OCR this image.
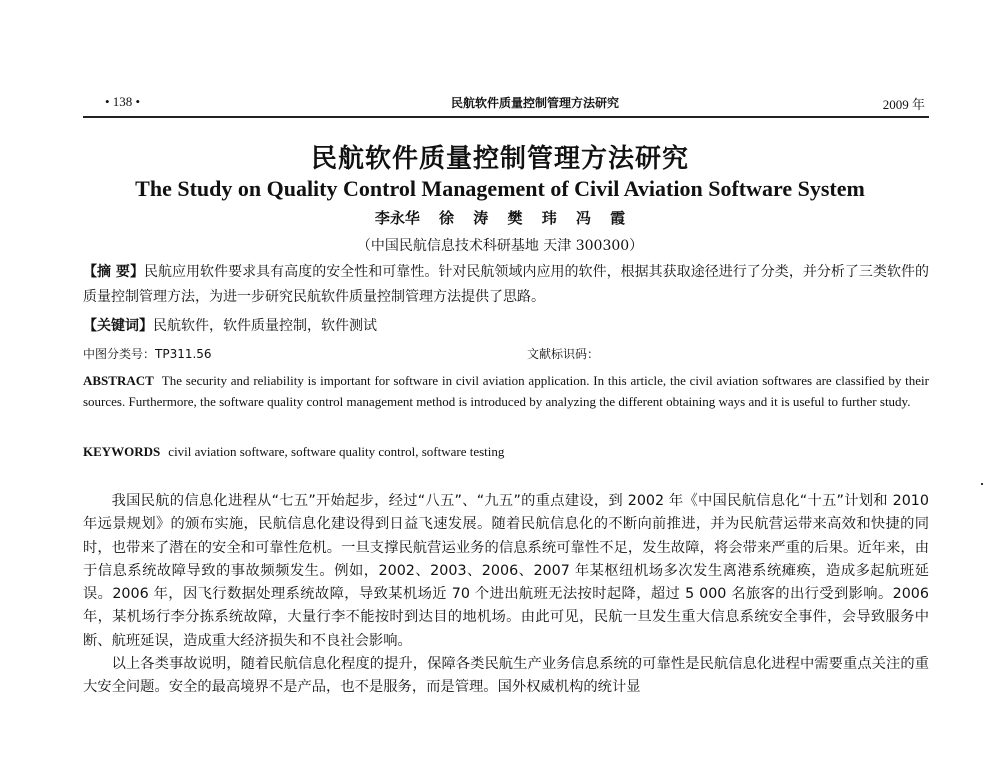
• 138 •	民航软件质量控制管理方法研究	2009 年
民航软件质量控制管理方法研究
The Study on Quality Control Management of Civil Aviation Software System
李永华 徐 涛 樊 玮 冯 霞
（中国民航信息技术科研基地 天津 300300）
【摘 要】民航应用软件要求具有高度的安全性和可靠性。针对民航领域内应用的软件，根据其获取途径进行了分类，并分析了三类软件的质量控制管理方法，为进一步研究民航软件质量控制管理方法提供了思路。
【关键词】民航软件，软件质量控制，软件测试
中图分类号：TP311.56	文献标识码：
ABSTRACT The security and reliability is important for software in civil aviation application. In this article, the civil aviation softwares are classified by their sources. Furthermore, the software quality control management method is introduced by analyzing the different obtaining ways and it is useful to further study.
KEYWORDS civil aviation software, software quality control, software testing

我国民航的信息化进程从“七五”开始起步，经过“八五”、“九五”的重点建设，到 2002 年《中国民航信息化“十五”计划和 2010 年远景规划》的颁布实施，民航信息化建设得到日益飞速发展。随着民航信息化的不断向前推进，并为民航营运带来高效和快捷的同时，也带来了潜在的安全和可靠性危机。一旦支撑民航营运业务的信息系统可靠性不足，发生故障，将会带来严重的后果。近年来，由于信息系统故障导致的事故频频发生。例如，2002、2003、2006、2007 年某枢纽机场多次发生离港系统瘫痪，造成多起航班延误。2006 年，因飞行数据处理系统故障，导致某机场近 70 个进出航班无法按时起降，超过 5 000 名旅客的出行受到影响。2006 年，某机场行李分拣系统故障，大量行李不能按时到达目的地机场。由此可见，民航一旦发生重大信息系统安全事件，会导致服务中断、航班延误，造成重大经济损失和不良社会影响。

以上各类事故说明，随着民航信息化程度的提升，保障各类民航生产业务信息系统的可靠性是民航信息化进程中需要重点关注的重大安全问题。安全的最高境界不是产品，也不是服务，而是管理。国外权威机构的统计显
